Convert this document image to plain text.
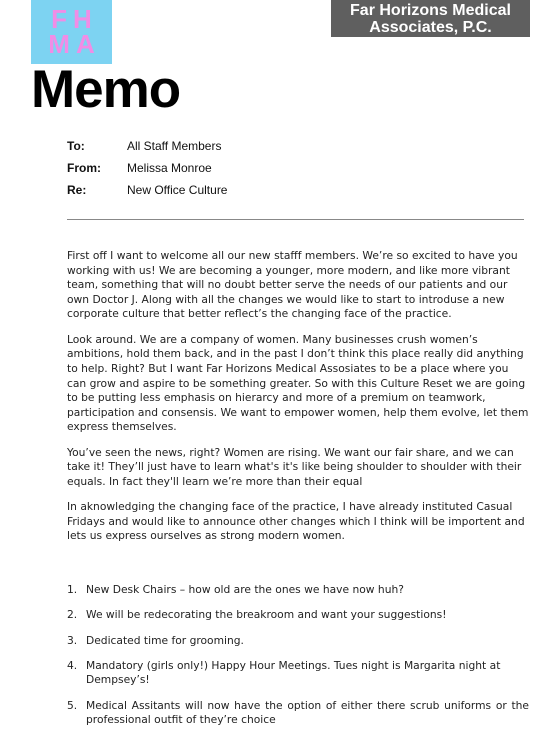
FH
MA
Far Horizons Medical
Associates, P.C.
Memo
To:	All Staff Members
From: Melissa Monroe
Re:	New Office Culture

First off I want to welcome all our new stafff members. We’re so excited to have you working with us! We are becoming a younger, more modern, and like more vibrant team, something that will no doubt better serve the needs of our patients and our own Doctor J. Along with all the changes we would like to start to introduse a new corporate culture that better reflect’s the changing face of the practice.

Look around. We are a company of women. Many businesses crush women’s ambitions, hold them back, and in the past I don’t think this place really did anything to help. Right? But I want Far Horizons Medical Assosiates to be a place where you can grow and aspire to be something greater. So with this Culture Reset we are going to be putting less emphasis on hierarcy and more of a premium on teamwork, participation and consensis. We want to empower women, help them evolve, let them express themselves.

You’ve seen the news, right? Women are rising. We want our fair share, and we can take it! They’ll just have to learn what's it's like being shoulder to shoulder with their equals. In fact they'll learn we’re more than their equal

In aknowledging the changing face of the practice, I have already instituted Casual Fridays and would like to announce other changes which I think will be importent and lets us express ourselves as strong modern women.

1. New Desk Chairs – how old are the ones we have now huh?
2. We will be redecorating the breakroom and want your suggestions!
3. Dedicated time for grooming.
4. Mandatory (girls only!) Happy Hour Meetings. Tues night is Margarita night at Dempsey’s!
5. Medical Assitants will now have the option of either there scrub uniforms or the professional outfit of they’re choice
